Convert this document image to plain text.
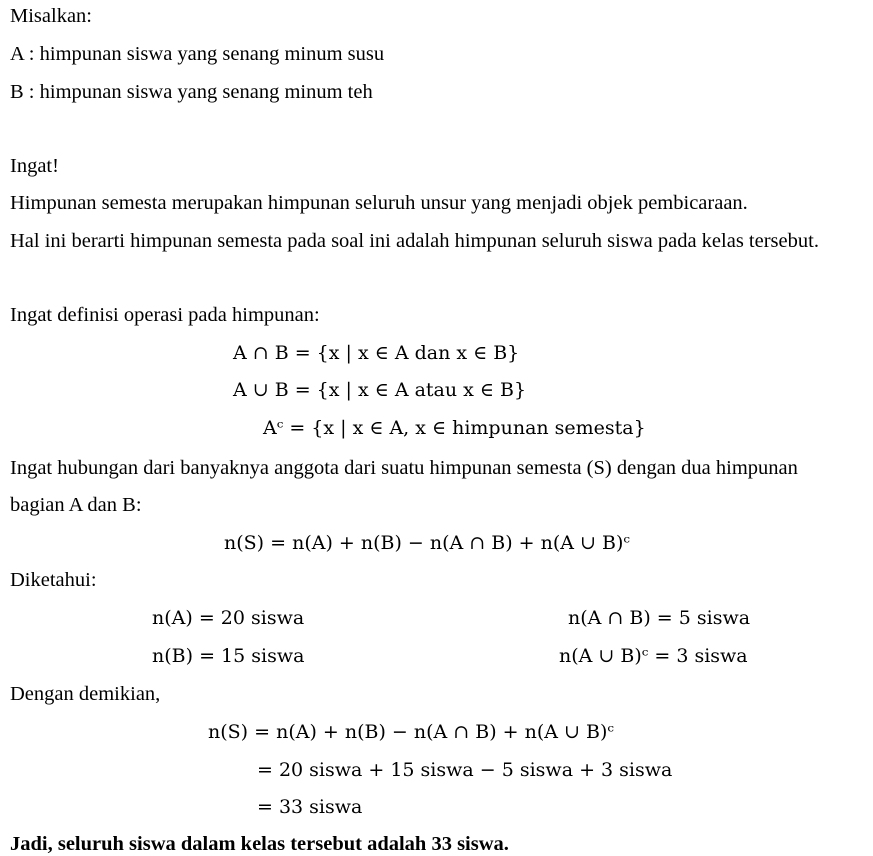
Misalkan:
A : himpunan siswa yang senang minum susu
B : himpunan siswa yang senang minum teh
Ingat!
Himpunan semesta merupakan himpunan seluruh unsur yang menjadi objek pembicaraan.
Hal ini berarti himpunan semesta pada soal ini adalah himpunan seluruh siswa pada kelas tersebut.
Ingat definisi operasi pada himpunan:
A ∩ B = {x | x ∈ A dan x ∈ B}
A ∪ B = {x | x ∈ A atau x ∈ B}
Aᶜ = {x | x ∈ A, x ∈ himpunan semesta}
Ingat hubungan dari banyaknya anggota dari suatu himpunan semesta (S) dengan dua himpunan
bagian A dan B:
n(S) = n(A) + n(B) − n(A ∩ B) + n(A ∪ B)ᶜ
Diketahui:
n(A) = 20 siswa
n(B) = 15 siswa
n(A ∩ B) = 5 siswa
n(A ∪ B)ᶜ = 3 siswa
Dengan demikian,
n(S) = n(A) + n(B) − n(A ∩ B) + n(A ∪ B)ᶜ
= 20 siswa + 15 siswa − 5 siswa + 3 siswa
= 33 siswa
Jadi, seluruh siswa dalam kelas tersebut adalah 33 siswa.
